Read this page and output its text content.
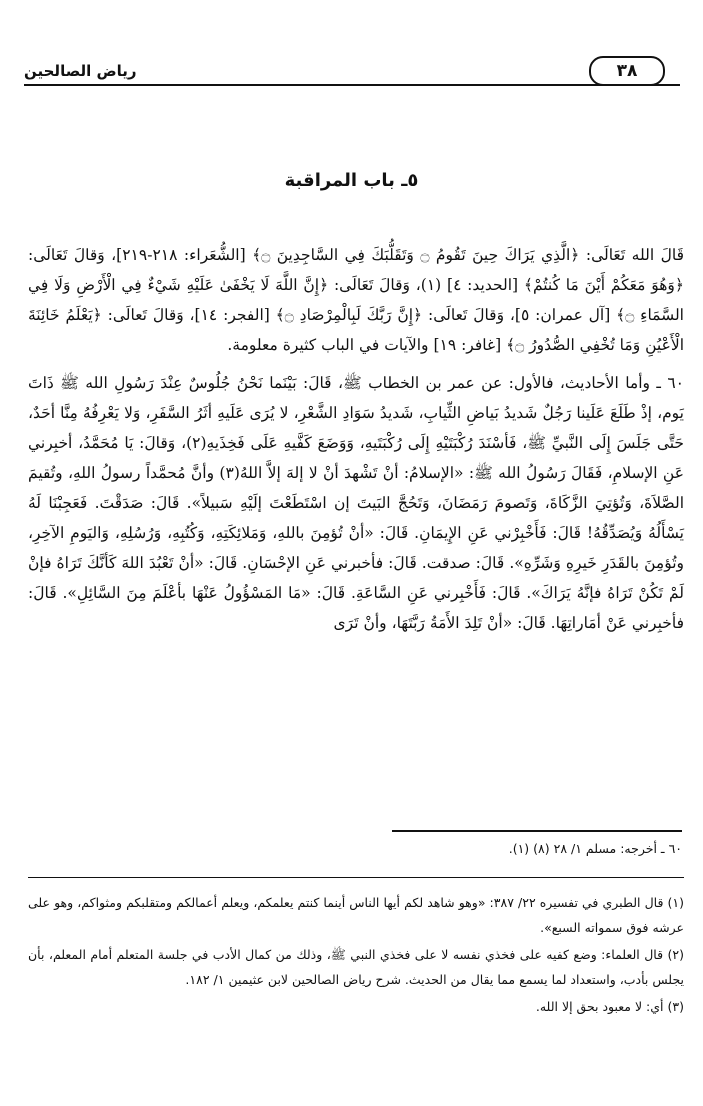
رياض الصالحين	٣٨
٥ـ باب المراقبة

قَالَ الله تَعَالَى: ﴿الَّذِي يَرَاكَ حِينَ تَقُومُ ۝ وَتَقَلُّبَكَ فِي السَّاجِدِينَ ۝﴾ [الشُّعَراء: ٢١٨-٢١٩]، وَقالَ تَعَالَى: ﴿وَهُوَ مَعَكُمْ أَيْنَ مَا كُنتُمْ﴾ [الحديد: ٤] (١)، وَقالَ تَعَالَى: ﴿إِنَّ اللَّهَ لَا يَخْفَىٰ عَلَيْهِ شَيْءٌ فِي الْأَرْضِ وَلَا فِي السَّمَاءِ ۝﴾ [آل عمران: ٥]، وَقالَ تَعالَى: ﴿إِنَّ رَبَّكَ لَبِالْمِرْصَادِ ۝﴾ [الفجر: ١٤]، وَقالَ تَعالَى: ﴿يَعْلَمُ خَائِنَةَ الْأَعْيُنِ وَمَا تُخْفِي الصُّدُورُ ۝﴾ [غافر: ١٩] والآيات في الباب كثيرة معلومة.

٦٠ ـ وأما الأحاديث، فالأول: عن عمر بن الخطاب ﷺ، قَالَ: بَيْنَما نَحْنُ جُلُوسٌ عِنْدَ رَسُولِ الله ﷺ ذَاتَ يَوم، إذْ طَلَعَ عَلَينا رَجُلٌ شَديدُ بَياضِ الثِّيابِ، شَديدُ سَوَادِ الشَّعْرِ، لا يُرَى عَلَيهِ أثَرُ السَّفَرِ، وَلا يَعْرِفُهُ مِنَّا أحَدٌ، حَتَّى جَلَسَ إِلَى النَّبيِّ ﷺ، فَأسْنَدَ رُكْبَتَيْهِ إِلَى رُكْبَتَيهِ، وَوَضَعَ كَفَّيهِ عَلَى فَخِذَيهِ(٢)، وَقالَ: يَا مُحَمَّدُ، أخبِرني عَنِ الإسلامِ، فَقَالَ رَسُولُ الله ﷺ: «الإسلامُ: أنْ تَشْهدَ أنْ لا إلهَ إلاَّ اللهُ(٣) وأنَّ مُحمَّداً رسولُ اللهِ، وتُقيمَ الصَّلاَةَ، وَتُؤتِيَ الزَّكَاةَ، وَتَصومَ رَمَضَانَ، وَتَحُجَّ البَيتَ إن اسْتَطَعْتَ إلَيْهِ سَبيلاً». قَالَ: صَدَقْتَ. فَعَجِبْنَا لَهُ يَسْأَلُهُ وَيُصَدِّقُهُ! قَالَ: فَأَخْبِرْني عَنِ الإِيمَانِ. قَالَ: «أنْ تُؤمِنَ باللهِ، وَمَلائِكَتِهِ، وَكُتُبِهِ، وَرُسُلِهِ، وَاليَومِ الآخِرِ، وتُؤمِنَ بالقَدَرِ خَيرِهِ وَشَرِّهِ». قَالَ: صدقت. قَالَ: فأخبرني عَنِ الإحْسَانِ. قَالَ: «أنْ تَعْبُدَ اللهَ كَأنَّكَ تَرَاهُ فإنْ لَمْ تَكُنْ تَرَاهُ فإنَّهُ يَرَاكَ». قَالَ: فَأَخْبِرني عَنِ السَّاعَةِ. قَالَ: «مَا المَسْؤُولُ عَنْهَا بأعْلَمَ مِنَ السَّائِلِ». قَالَ: فأخبِرني عَنْ أمَاراتِهَا. قَالَ: «أنْ تَلِدَ الأَمَةُ رَبَّتَهَا، وأنْ تَرَى

٦٠ ـ أخرجه: مسلم ١/ ٢٨ (٨) (١).

(١) قال الطبري في تفسيره ٢٢/ ٣٨٧: «وهو شاهد لكم أيها الناس أينما كنتم يعلمكم، ويعلم أعمالكم ومتقلبكم ومثواكم، وهو على عرشه فوق سمواته السبع».

(٢) قال العلماء: وضع كفيه على فخذي نفسه لا على فخذي النبي ﷺ، وذلك من كمال الأدب في جلسة المتعلم أمام المعلم، بأن يجلس بأدب، واستعداد لما يسمع مما يقال من الحديث. شرح رياض الصالحين لابن عثيمين ١/ ١٨٢.

(٣) أي: لا معبود بحق إلا الله.
